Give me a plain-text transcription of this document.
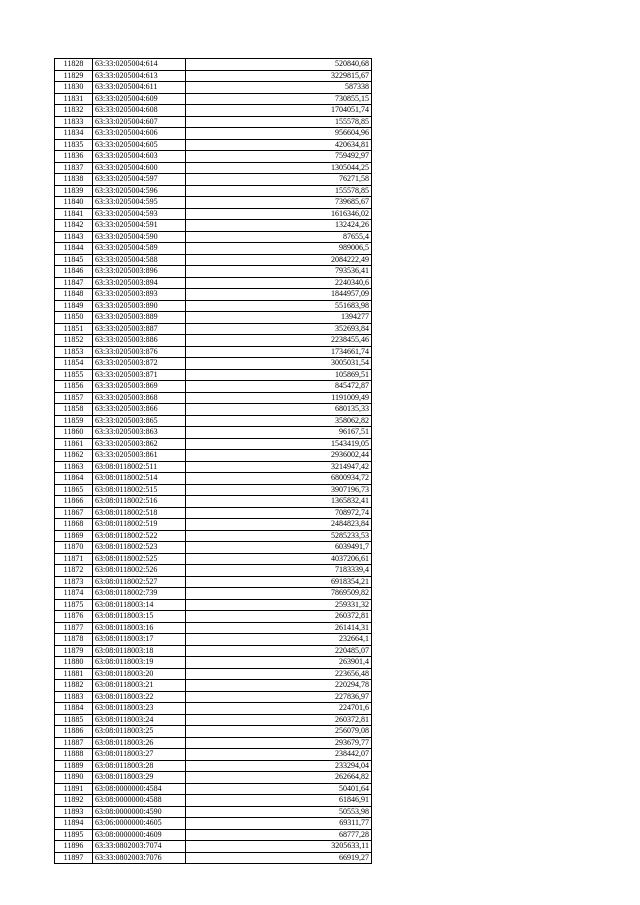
11828	63:33:0205004:614	520840,68
11829	63:33:0205004:613	3229815,67
11830	63:33:0205004:611	587338
11831	63:33:0205004:609	730855,15
11832	63:33:0205004:608	1704051,74
11833	63:33:0205004:607	155578,85
11834	63:33:0205004:606	956604,96
11835	63:33:0205004:605	420634,81
11836	63:33:0205004:603	759492,97
11837	63:33:0205004:600	1305044,25
11838	63:33:0205004:597	76271,58
11839	63:33:0205004:596	155578,85
11840	63:33:0205004:595	739685,67
11841	63:33:0205004:593	1616346,02
11842	63:33:0205004:591	132424,26
11843	63:33:0205004:590	87655,4
11844	63:33:0205004:589	989006,5
11845	63:33:0205004:588	2084222,49
11846	63:33:0205003:896	793536,41
11847	63:33:0205003:894	2240340,6
11848	63:33:0205003:893	1844957,09
11849	63:33:0205003:890	551683,98
11850	63:33:0205003:889	1394277
11851	63:33:0205003:887	352693,84
11852	63:33:0205003:886	2238455,46
11853	63:33:0205003:876	1734661,74
11854	63:33:0205003:872	3005031,54
11855	63:33:0205003:871	105869,51
11856	63:33:0205003:869	845472,87
11857	63:33:0205003:868	1191009,49
11858	63:33:0205003:866	680135,33
11859	63:33:0205003:865	358062,82
11860	63:33:0205003:863	96167,51
11861	63:33:0205003:862	1543419,05
11862	63:33:0205003:861	2936002,44
11863	63:08:0118002:511	3214947,42
11864	63:08:0118002:514	6800934,72
11865	63:08:0118002:515	3907196,73
11866	63:08:0118002:516	1365832,41
11867	63:08:0118002:518	708972,74
11868	63:08:0118002:519	2484823,84
11869	63:08:0118002:522	5285233,53
11870	63:08:0118002:523	6039491,7
11871	63:08:0118002:525	4037206,61
11872	63:08:0118002:526	7183339,4
11873	63:08:0118002:527	6918354,21
11874	63:08:0118002:739	7869509,82
11875	63:08:0118003:14	259331,32
11876	63:08:0118003:15	260372,81
11877	63:08:0118003:16	261414,31
11878	63:08:0118003:17	232664,1
11879	63:08:0118003:18	220485,07
11880	63:08:0118003:19	263901,4
11881	63:08:0118003:20	223656,48
11882	63:08:0118003:21	220294,78
11883	63:08:0118003:22	227836,97
11884	63:08:0118003:23	224701,6
11885	63:08:0118003:24	260372,81
11886	63:08:0118003:25	256079,08
11887	63:08:0118003:26	293679,77
11888	63:08:0118003:27	238442,07
11889	63:08:0118003:28	233294,04
11890	63:08:0118003:29	262664,82
11891	63:08:0000000:4584	50401,64
11892	63:08:0000000:4588	61846,91
11893	63:08:0000000:4590	50553,98
11894	63:06:0000000:4605	69311,77
11895	63:08:0000000:4609	68777,28
11896	63:33:0802003:7074	3205633,11
11897	63:33:0802003:7076	66919,27
